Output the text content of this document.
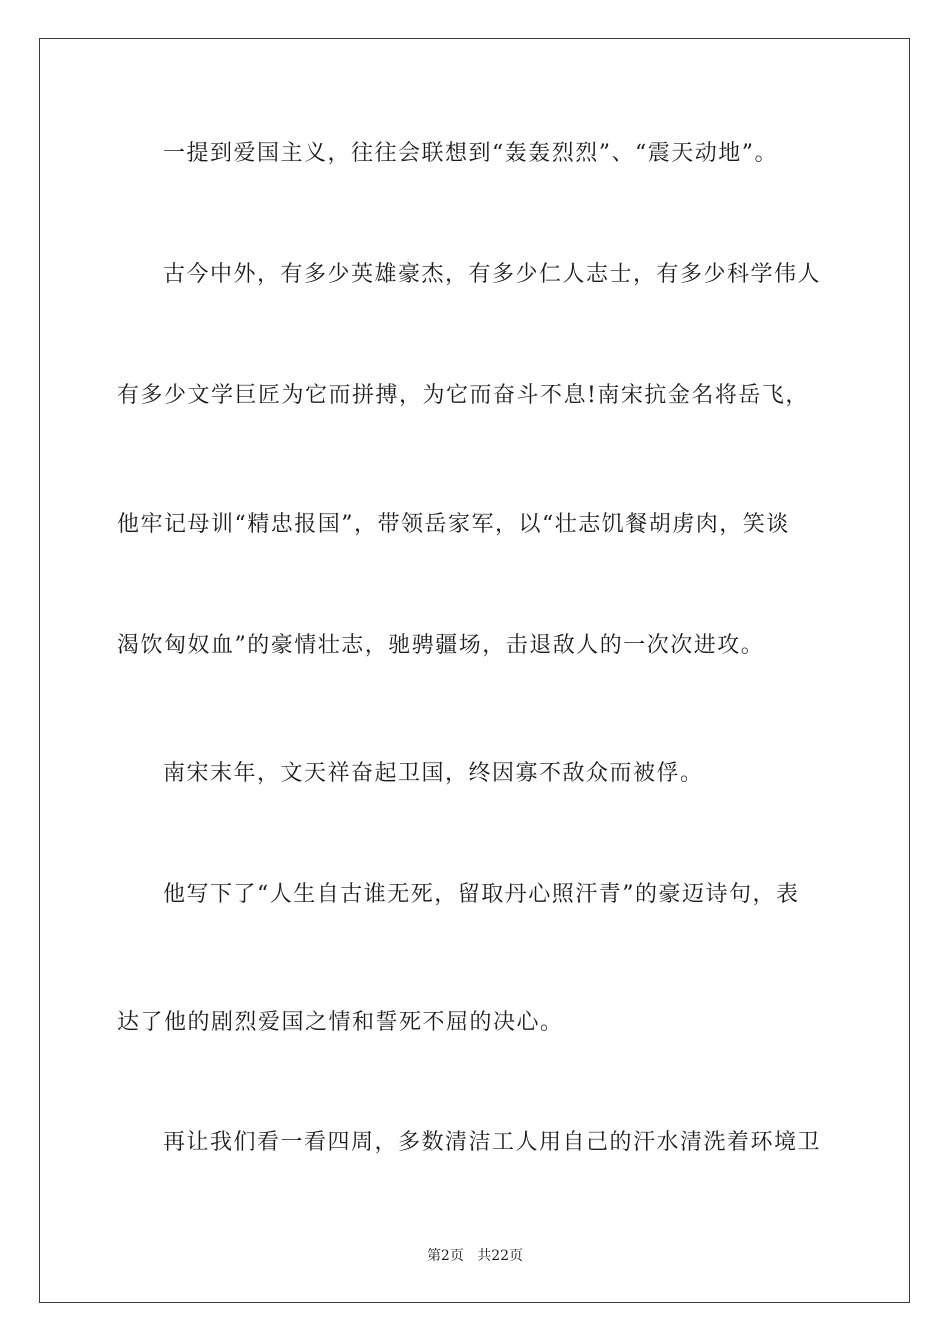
一提到爱国主义，往往会联想到“轰轰烈烈”、“震天动地”。
古今中外，有多少英雄豪杰，有多少仁人志士，有多少科学伟人
有多少文学巨匠为它而拼搏，为它而奋斗不息!南宋抗金名将岳飞，
他牢记母训“精忠报国”，带领岳家军，以“壮志饥餐胡虏肉，笑谈
渴饮匈奴血”的豪情壮志，驰骋疆场，击退敌人的一次次进攻。
南宋末年，文天祥奋起卫国，终因寡不敌众而被俘。
他写下了“人生自古谁无死，留取丹心照汗青”的豪迈诗句，表
达了他的剧烈爱国之情和誓死不屈的决心。
再让我们看一看四周，多数清洁工人用自己的汗水清洗着环境卫
第2页 共22页
